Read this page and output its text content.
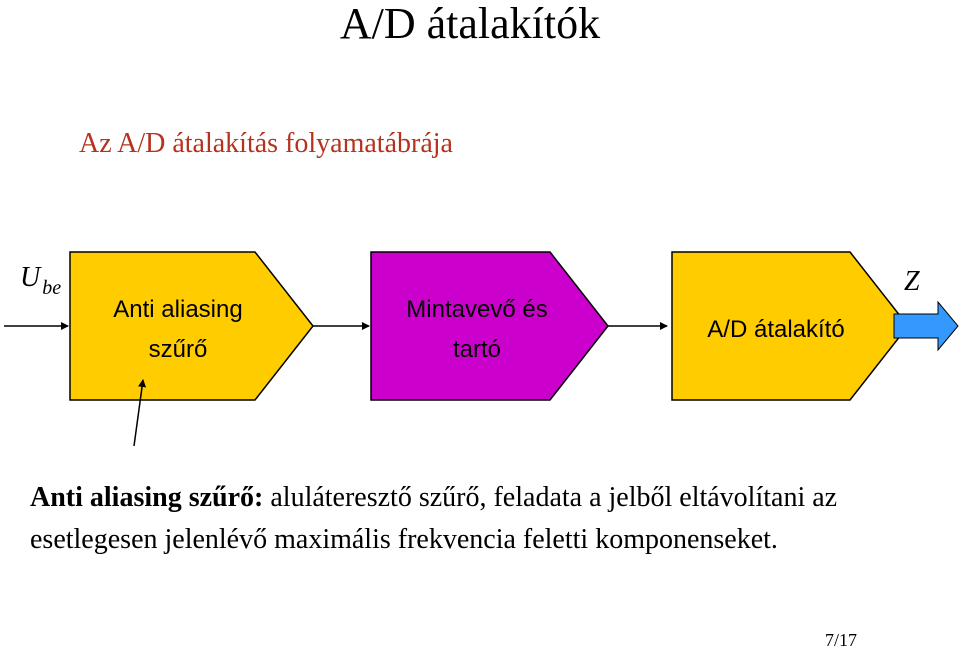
A/D átalakítók
Az A/D átalakítás folyamatábrája
U $_{be}$
Anti aliasing
szűrő
Mintavevő és
tartó
A/D átalakító
Z
Anti aliasing szűrő: aluláteresztő szűrő, feladata a jelből eltávolítani az esetlegesen jelenlévő maximális frekvencia feletti komponenseket.
7/17
